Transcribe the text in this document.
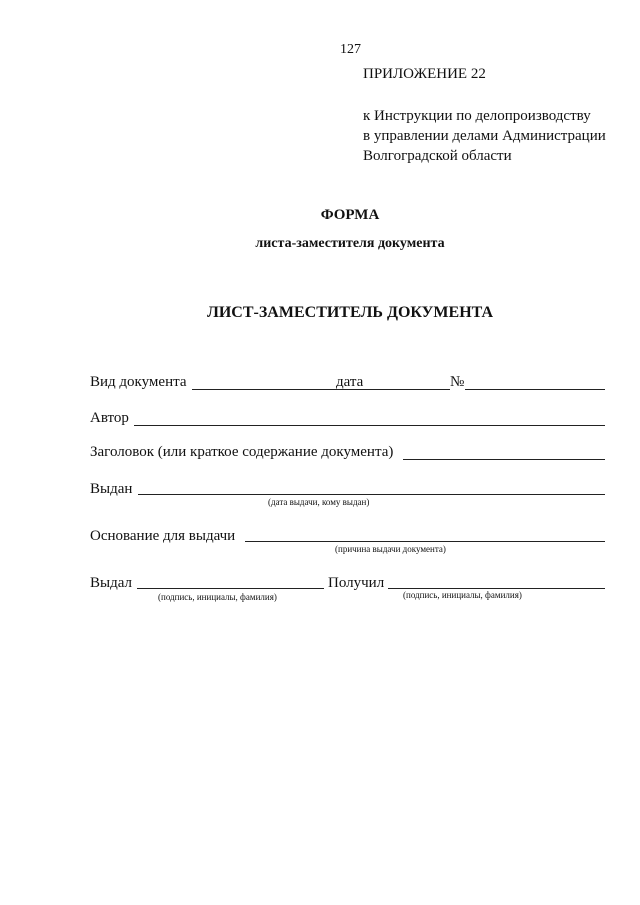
127
ПРИЛОЖЕНИЕ 22
к Инструкции по делопроизводству
в управлении делами Администрации
Волгоградской области
ФОРМА
листа-заместителя документа
ЛИСТ-ЗАМЕСТИТЕЛЬ ДОКУМЕНТА
Вид документа	дата	№
Автор
Заголовок (или краткое содержание документа)
Выдан
(дата выдачи, кому выдан)
Основание для выдачи
(причина выдачи документа)
Выдал
(подпись, инициалы, фамилия)
Получил
(подпись, инициалы, фамилия)
